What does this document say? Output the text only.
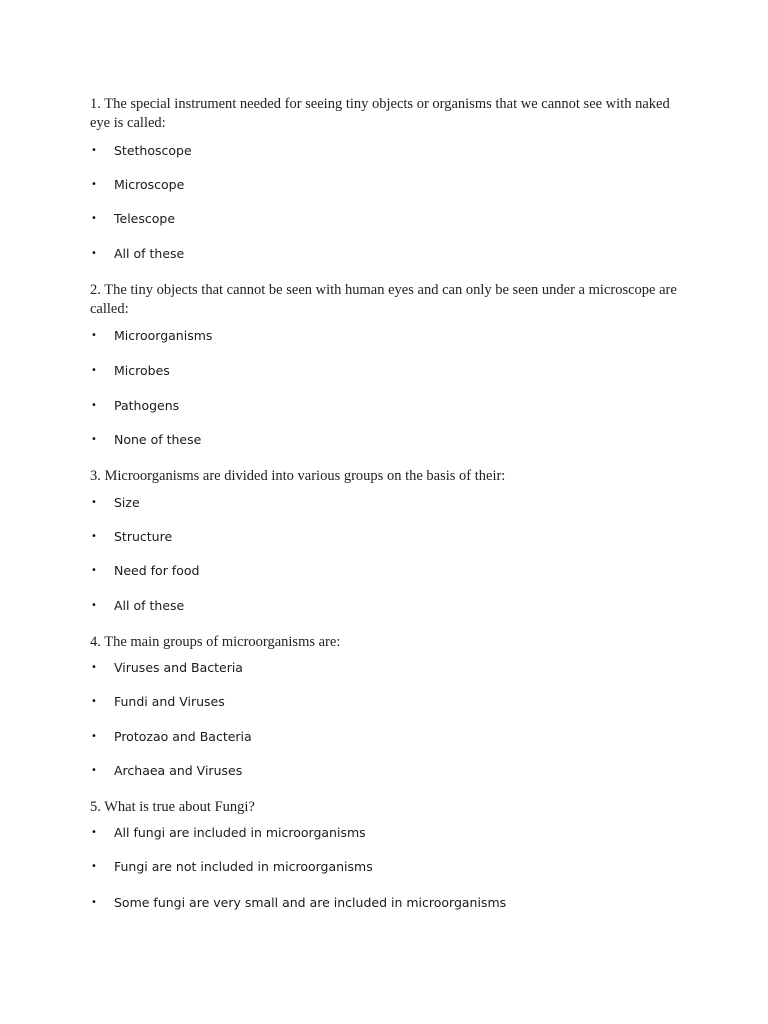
1. The special instrument needed for seeing tiny objects or organisms that we cannot see with naked eye is called:
• Stethoscope
• Microscope
• Telescope
• All of these
2. The tiny objects that cannot be seen with human eyes and can only be seen under a microscope are called:
• Microorganisms
• Microbes
• Pathogens
• None of these
3. Microorganisms are divided into various groups on the basis of their:
• Size
• Structure
• Need for food
• All of these
4. The main groups of microorganisms are:
• Viruses and Bacteria
• Fundi and Viruses
• Protozao and Bacteria
• Archaea and Viruses
5. What is true about Fungi?
• All fungi are included in microorganisms
• Fungi are not included in microorganisms
• Some fungi are very small and are included in microorganisms
